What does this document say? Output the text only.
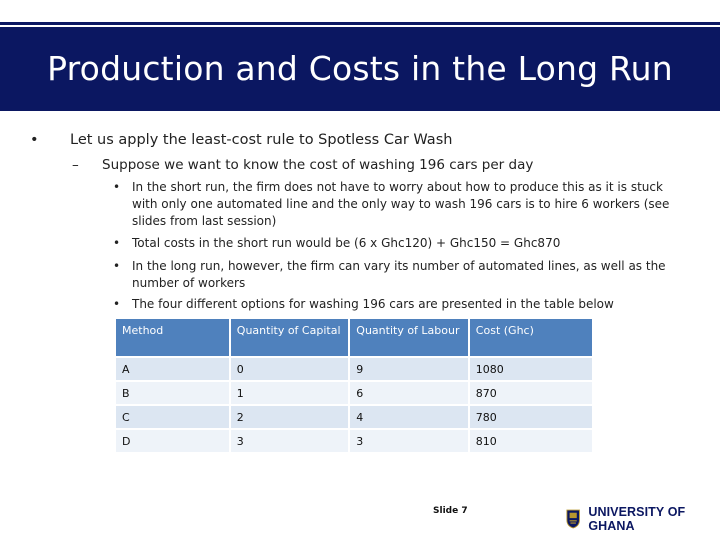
Production and Costs in the Long Run
• Let us apply the least-cost rule to Spotless Car Wash
– Suppose we want to know the cost of washing 196 cars per day
• In the short run, the firm does not have to worry about how to produce this as it is stuck with only one automated line and the only way to wash 196 cars is to hire 6 workers (see slides from last session)
• Total costs in the short run would be (6 x Ghc120) + Ghc150 = Ghc870
• In the long run, however, the firm can vary its number of automated lines, as well as the number of workers
• The four different options for washing 196 cars are presented in the table below
Method	Quantity of Capital	Quantity of Labour	Cost (Ghc)
A	0	9	1080
B	1	6	870
C	2	4	780
D	3	3	810
Slide 7	UNIVERSITY OF GHANA
